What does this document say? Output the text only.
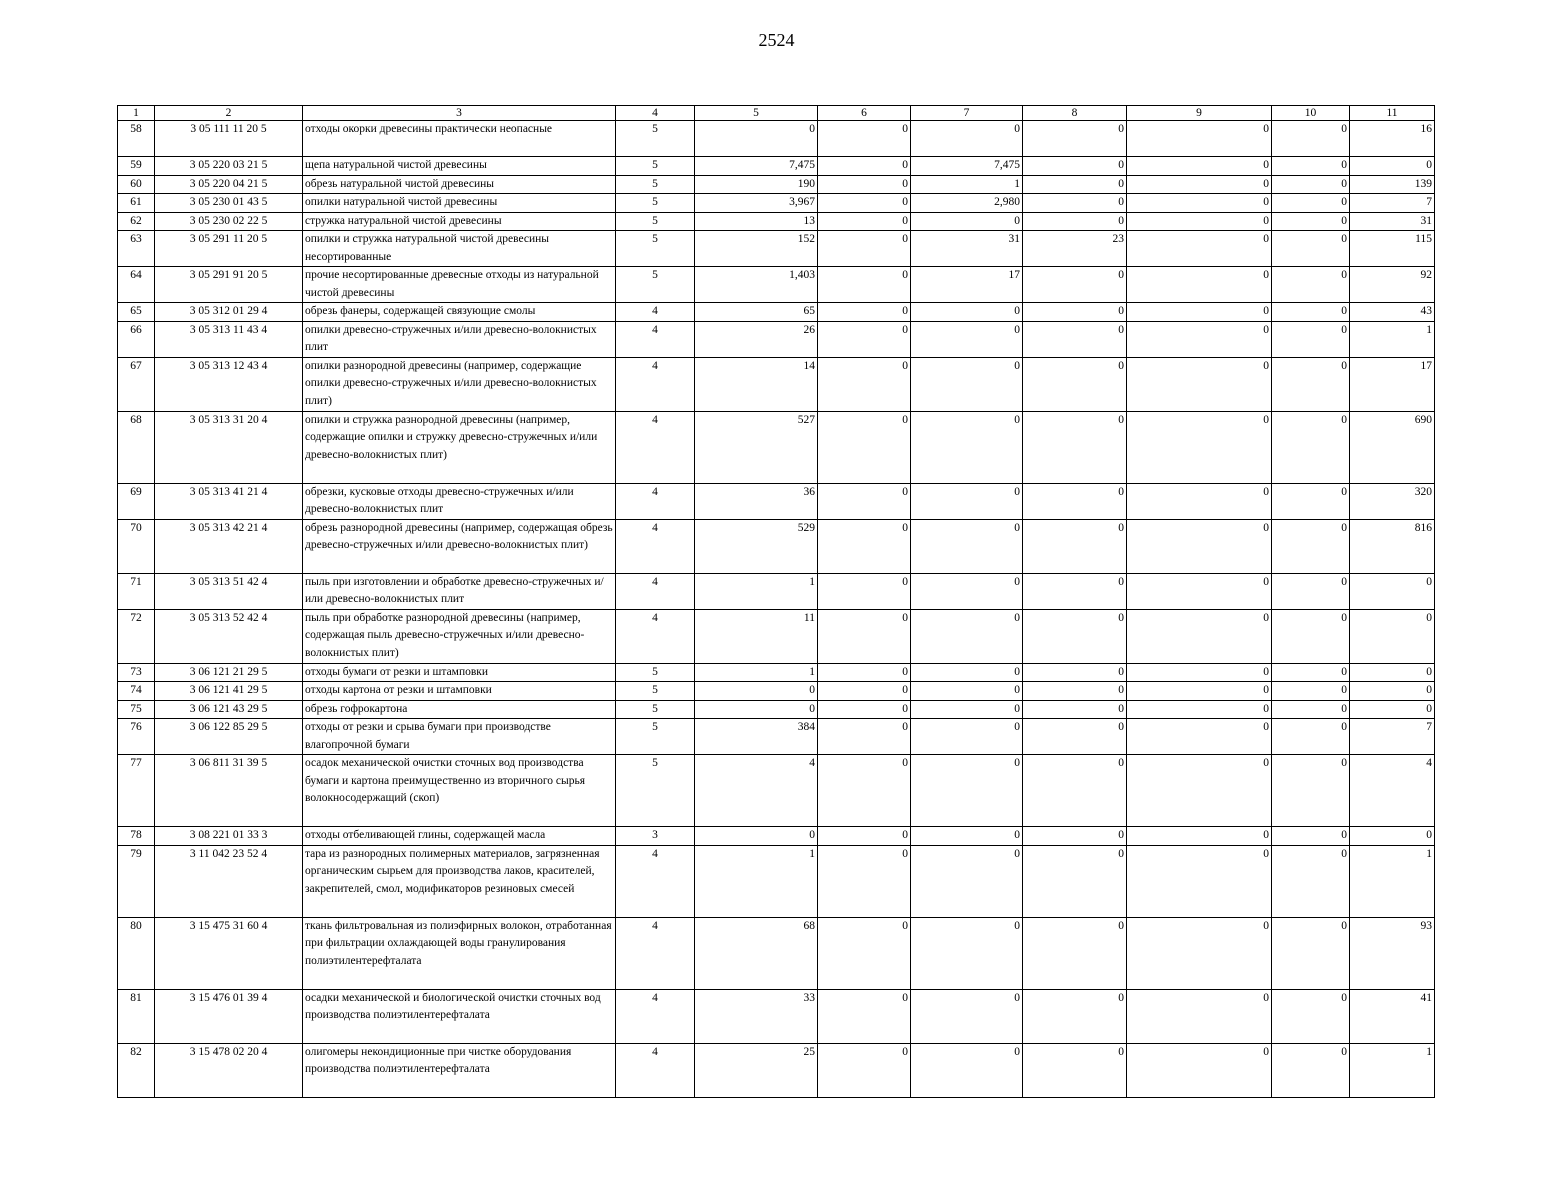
2524
1	2	3	4	5	6	7	8	9	10	11
58	3 05 111 11 20 5	отходы окорки древесины практически неопасные	5	0	0	0	0	0	0	16
59	3 05 220 03 21 5	щепа натуральной чистой древесины	5	7,475	0	7,475	0	0	0	0
60	3 05 220 04 21 5	обрезь натуральной чистой древесины	5	190	0	1	0	0	0	139
61	3 05 230 01 43 5	опилки натуральной чистой древесины	5	3,967	0	2,980	0	0	0	7
62	3 05 230 02 22 5	стружка натуральной чистой древесины	5	13	0	0	0	0	0	31
63	3 05 291 11 20 5	опилки и стружка натуральной чистой древесины несортированные	5	152	0	31	23	0	0	115
64	3 05 291 91 20 5	прочие несортированные древесные отходы из натуральной чистой древесины	5	1,403	0	17	0	0	0	92
65	3 05 312 01 29 4	обрезь фанеры, содержащей связующие смолы	4	65	0	0	0	0	0	43
66	3 05 313 11 43 4	опилки древесно-стружечных и/или древесно-волокнистых плит	4	26	0	0	0	0	0	1
67	3 05 313 12 43 4	опилки разнородной древесины (например, содержащие опилки древесно-стружечных и/или древесно-волокнистых плит)	4	14	0	0	0	0	0	17
68	3 05 313 31 20 4	опилки и стружка разнородной древесины (например, содержащие опилки и стружку древесно-стружечных и/или древесно-волокнистых плит)	4	527	0	0	0	0	0	690
69	3 05 313 41 21 4	обрезки, кусковые отходы древесно-стружечных и/или древесно-волокнистых плит	4	36	0	0	0	0	0	320
70	3 05 313 42 21 4	обрезь разнородной древесины (например, содержащая обрезь древесно-стружечных и/или древесно-волокнистых плит)	4	529	0	0	0	0	0	816
71	3 05 313 51 42 4	пыль при изготовлении и обработке древесно-стружечных и/или древесно-волокнистых плит	4	1	0	0	0	0	0	0
72	3 05 313 52 42 4	пыль при обработке разнородной древесины (например, содержащая пыль древесно-стружечных и/или древесно-волокнистых плит)	4	11	0	0	0	0	0	0
73	3 06 121 21 29 5	отходы бумаги от резки и штамповки	5	1	0	0	0	0	0	0
74	3 06 121 41 29 5	отходы картона от резки и штамповки	5	0	0	0	0	0	0	0
75	3 06 121 43 29 5	обрезь гофрокартона	5	0	0	0	0	0	0	0
76	3 06 122 85 29 5	отходы от резки и срыва бумаги при производстве влагопрочной бумаги	5	384	0	0	0	0	0	7
77	3 06 811 31 39 5	осадок механической очистки сточных вод производства бумаги и картона преимущественно из вторичного сырья волокносодержащий (скоп)	5	4	0	0	0	0	0	4
78	3 08 221 01 33 3	отходы отбеливающей глины, содержащей масла	3	0	0	0	0	0	0	0
79	3 11 042 23 52 4	тара из разнородных полимерных материалов, загрязненная органическим сырьем для производства лаков, красителей, закрепителей, смол, модификаторов резиновых смесей	4	1	0	0	0	0	0	1
80	3 15 475 31 60 4	ткань фильтровальная из полиэфирных волокон, отработанная при фильтрации охлаждающей воды гранулирования полиэтилентерефталата	4	68	0	0	0	0	0	93
81	3 15 476 01 39 4	осадки механической и биологической очистки сточных вод производства полиэтилентерефталата	4	33	0	0	0	0	0	41
82	3 15 478 02 20 4	олигомеры некондиционные при чистке оборудования производства полиэтилентерефталата	4	25	0	0	0	0	0	1
